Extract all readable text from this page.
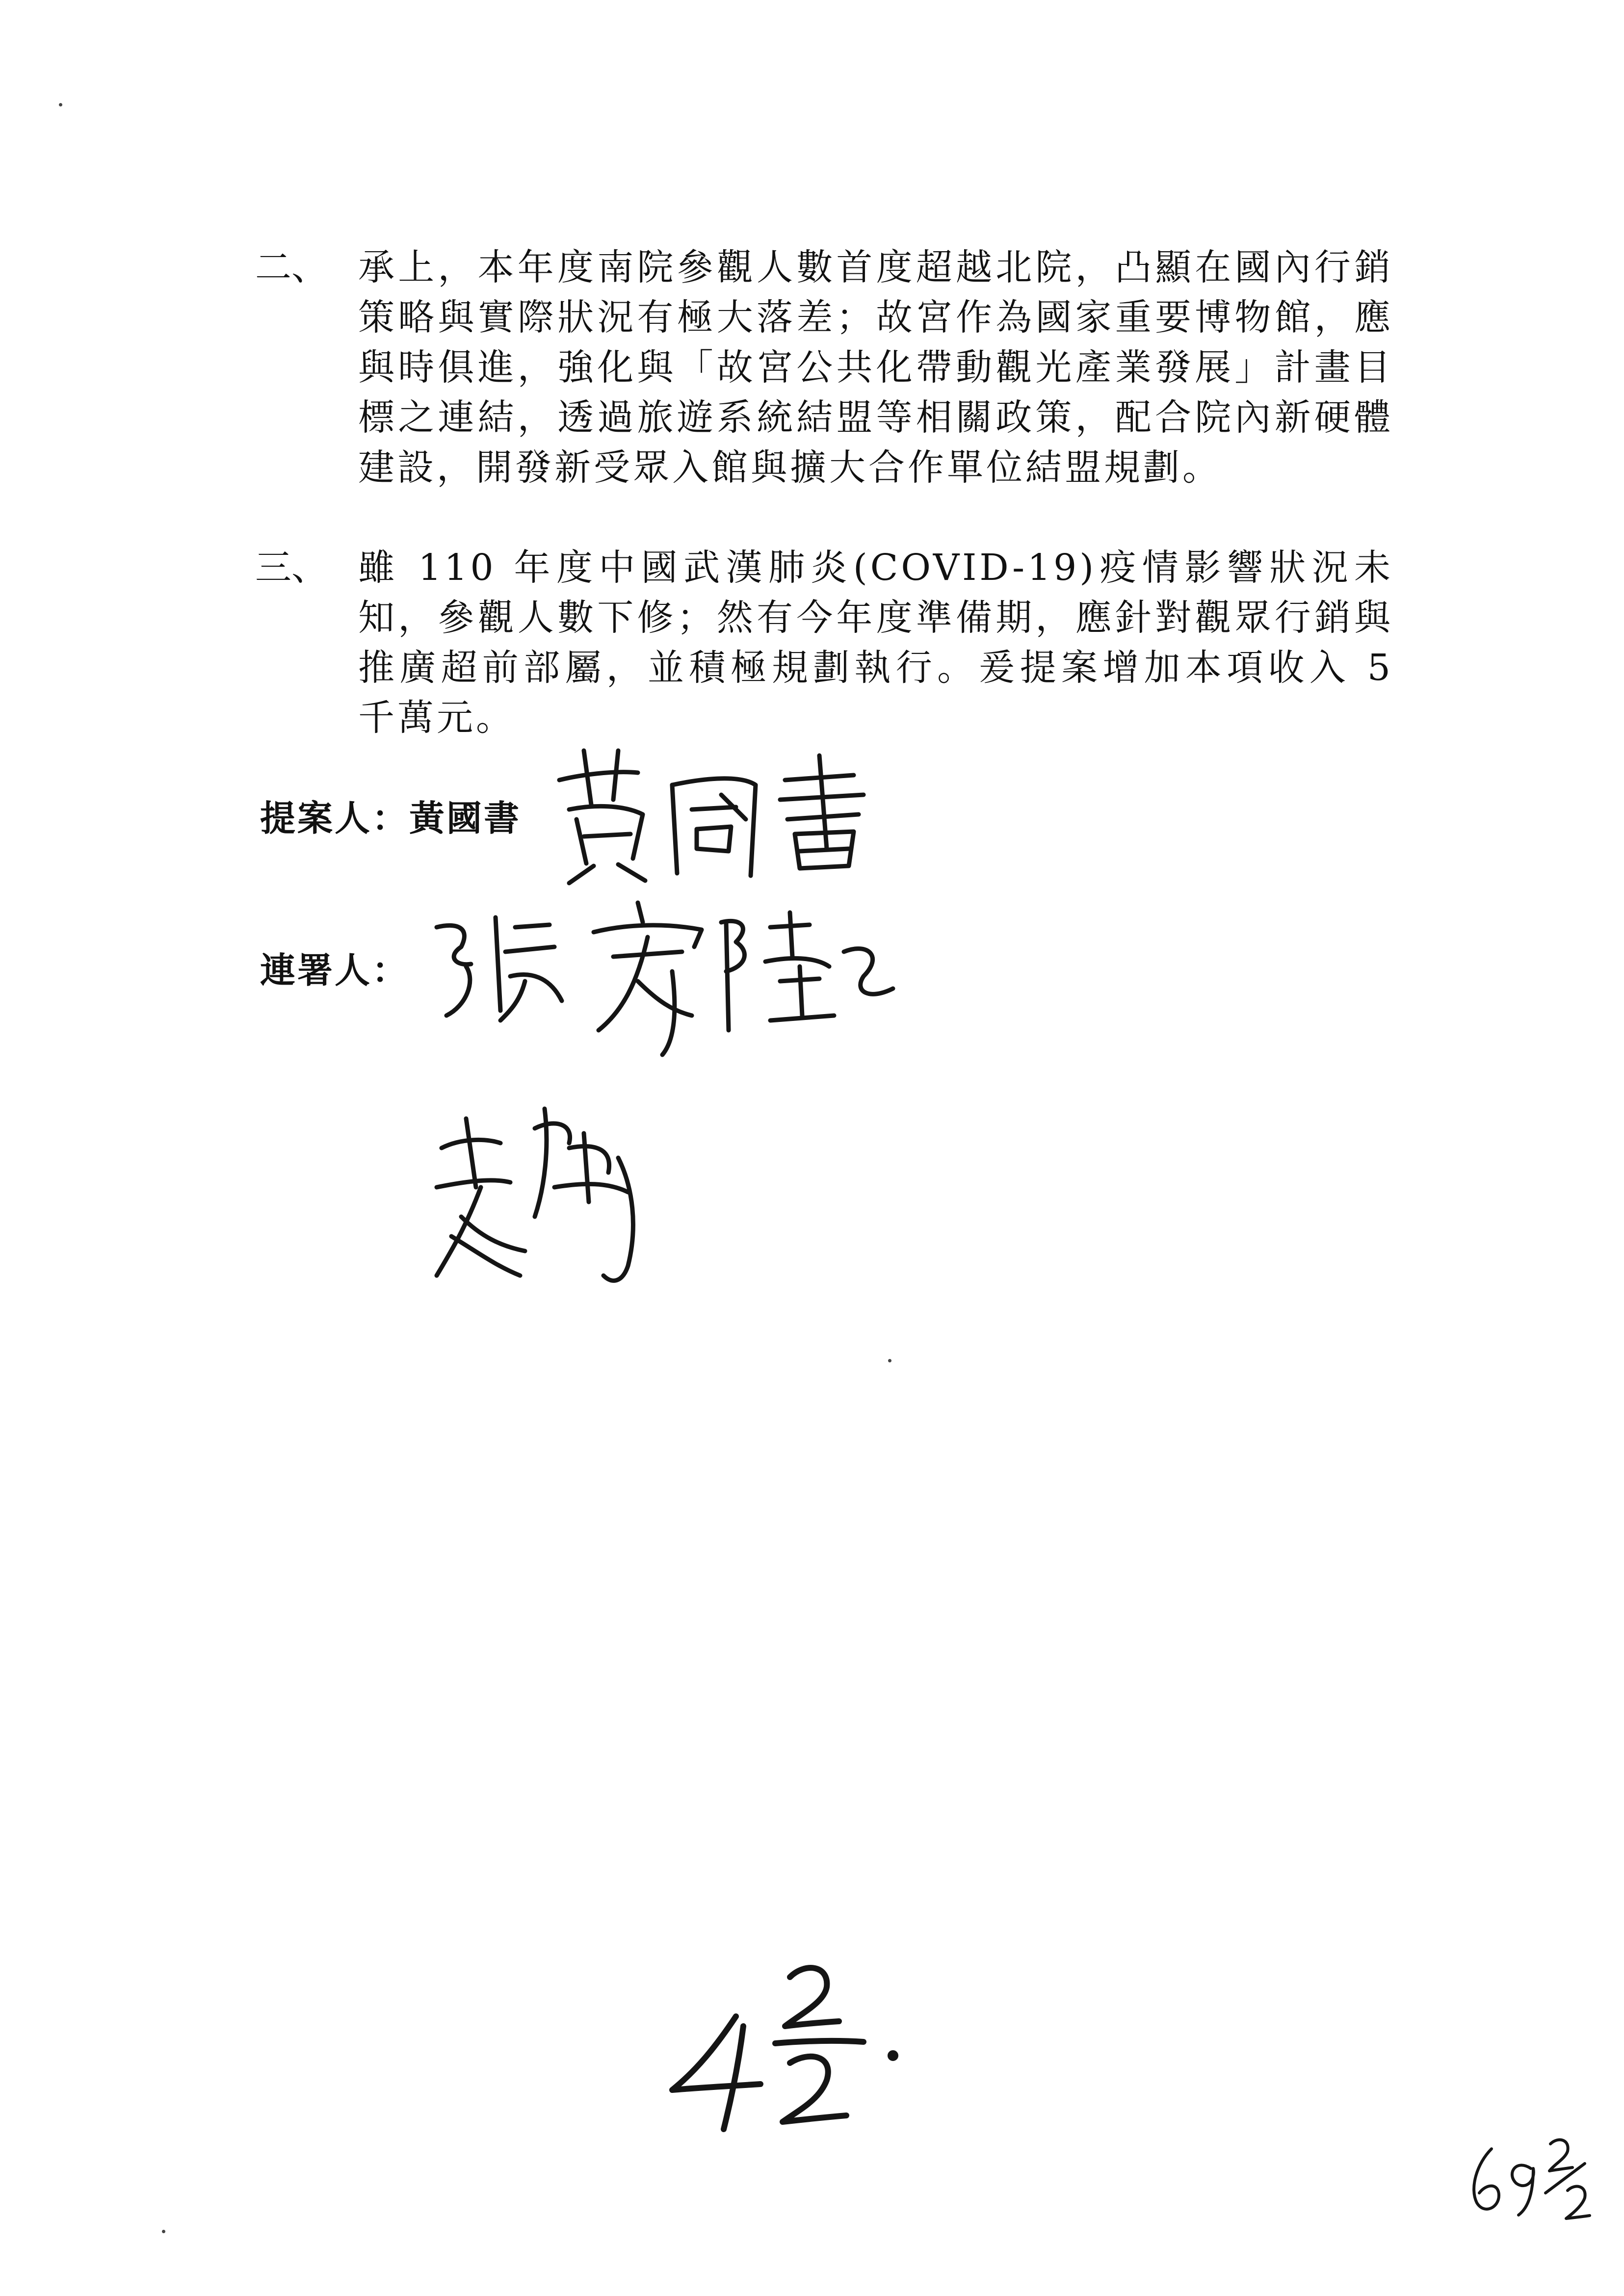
二、 承上，本年度南院參觀人數首度超越北院，凸顯在國內行銷策略與實際狀況有極大落差；故宮作為國家重要博物館，應與時俱進，強化與「故宮公共化帶動觀光產業發展」計畫目標之連結，透過旅遊系統結盟等相關政策，配合院內新硬體建設，開發新受眾入館與擴大合作單位結盟規劃。
三、 雖 110 年度中國武漢肺炎(COVID-19)疫情影響狀況未知，參觀人數下修；然有今年度準備期，應針對觀眾行銷與推廣超前部屬，並積極規劃執行。爰提案增加本項收入 5 千萬元。
提案人：黃國書
連署人：
